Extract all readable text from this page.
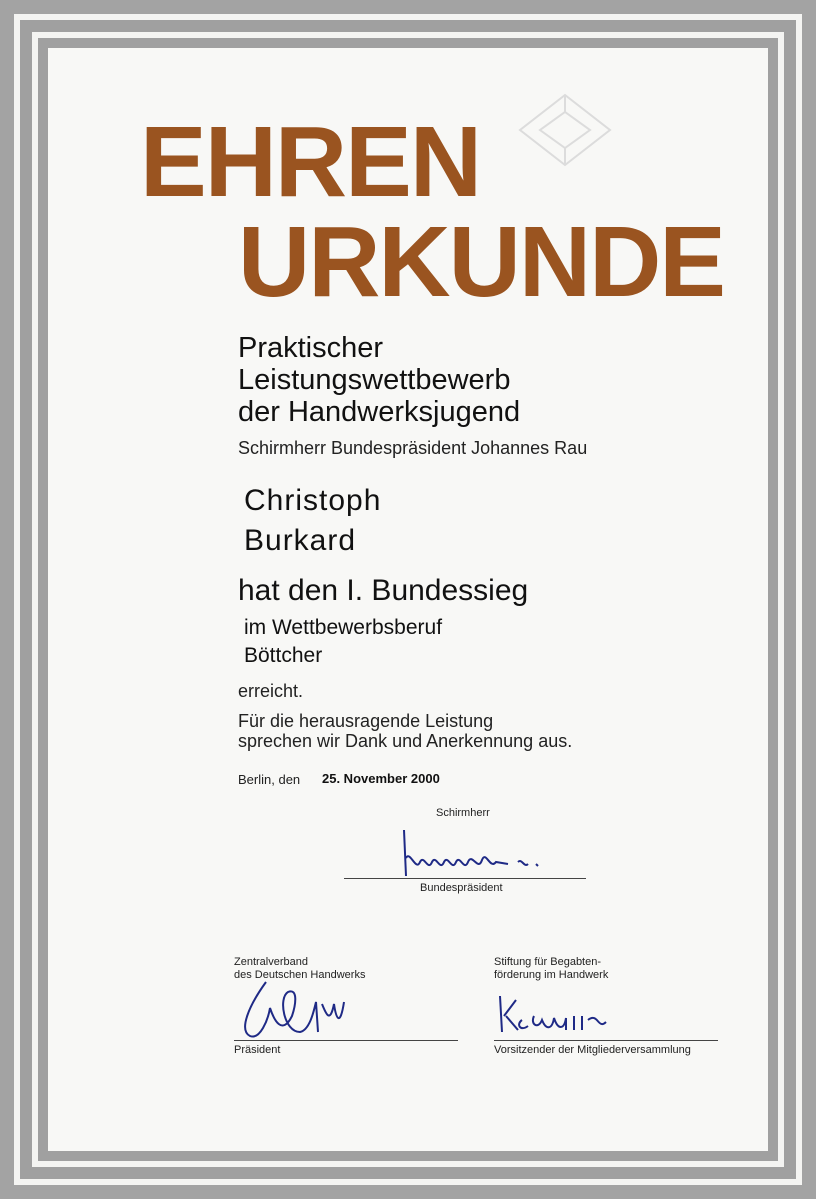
EHREN
URKUNDE
Praktischer
Leistungswettbewerb
der Handwerksjugend
Schirmherr Bundespräsident Johannes Rau
Christoph
Burkard
hat den I. Bundessieg
im Wettbewerbsberuf
Böttcher
erreicht.
Für die herausragende Leistung
sprechen wir Dank und Anerkennung aus.
Berlin, den 25. November 2000
Schirmherr
Bundespräsident
Zentralverband
des Deutschen Handwerks
Präsident
Stiftung für Begabten-
förderung im Handwerk
Vorsitzender der Mitgliederversammlung
